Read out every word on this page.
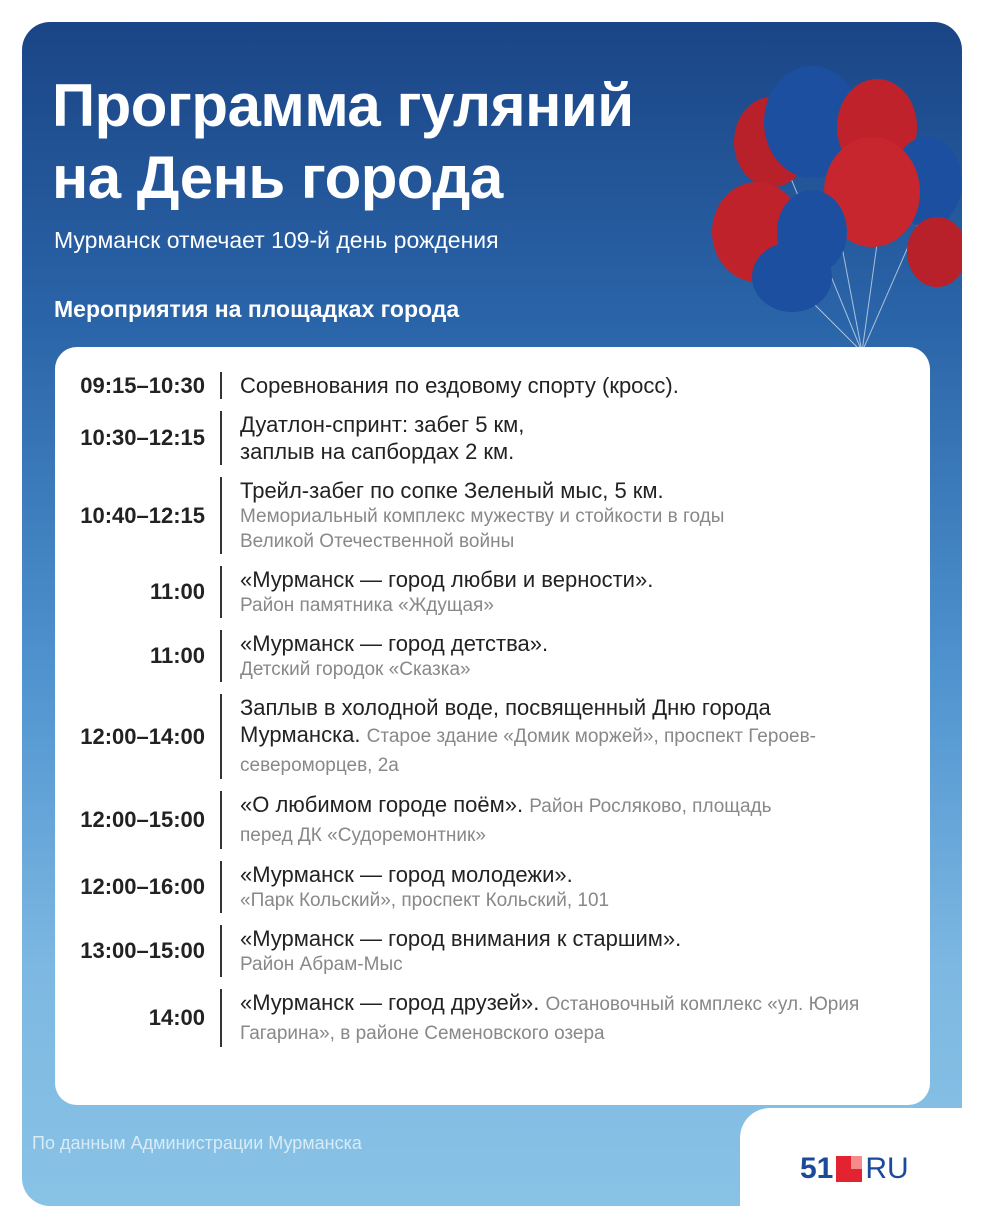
Программа гуляний
на День города
Мурманск отмечает 109-й день рождения
Мероприятия на площадках города
09:15–10:30	Соревнования по ездовому спорту (кросс).
10:30–12:15
Дуатлон-спринт: забег 5 км, заплыв на сапбордах 2 км.
10:40–12:15
Трейл-забег по сопке Зеленый мыс, 5 км.
Мемориальный комплекс мужеству и стойкости в годы Великой Отечественной войны
11:00	«Мурманск — город любви и верности».
Район памятника «Ждущая»
11:00	«Мурманск — город детства».
Детский городок «Сказка»
12:00–14:00
Заплыв в холодной воде, посвященный Дню города Мурманска. Старое здание «Домик моржей», проспект Героев-североморцев, 2а
12:00–15:00
«О любимом городе поём». Район Росляково, площадь перед ДК «Судоремонтник»
12:00–16:00	«Мурманск — город молодежи».
«Парк Кольский», проспект Кольский, 101
13:00–15:00	«Мурманск — город внимания к старшим».
Район Абрам-Мыс
14:00
«Мурманск — город друзей». Остановочный комплекс «ул. Юрия Гагарина», в районе Семеновского озера
По данным Администрации Мурманска
51 RU
